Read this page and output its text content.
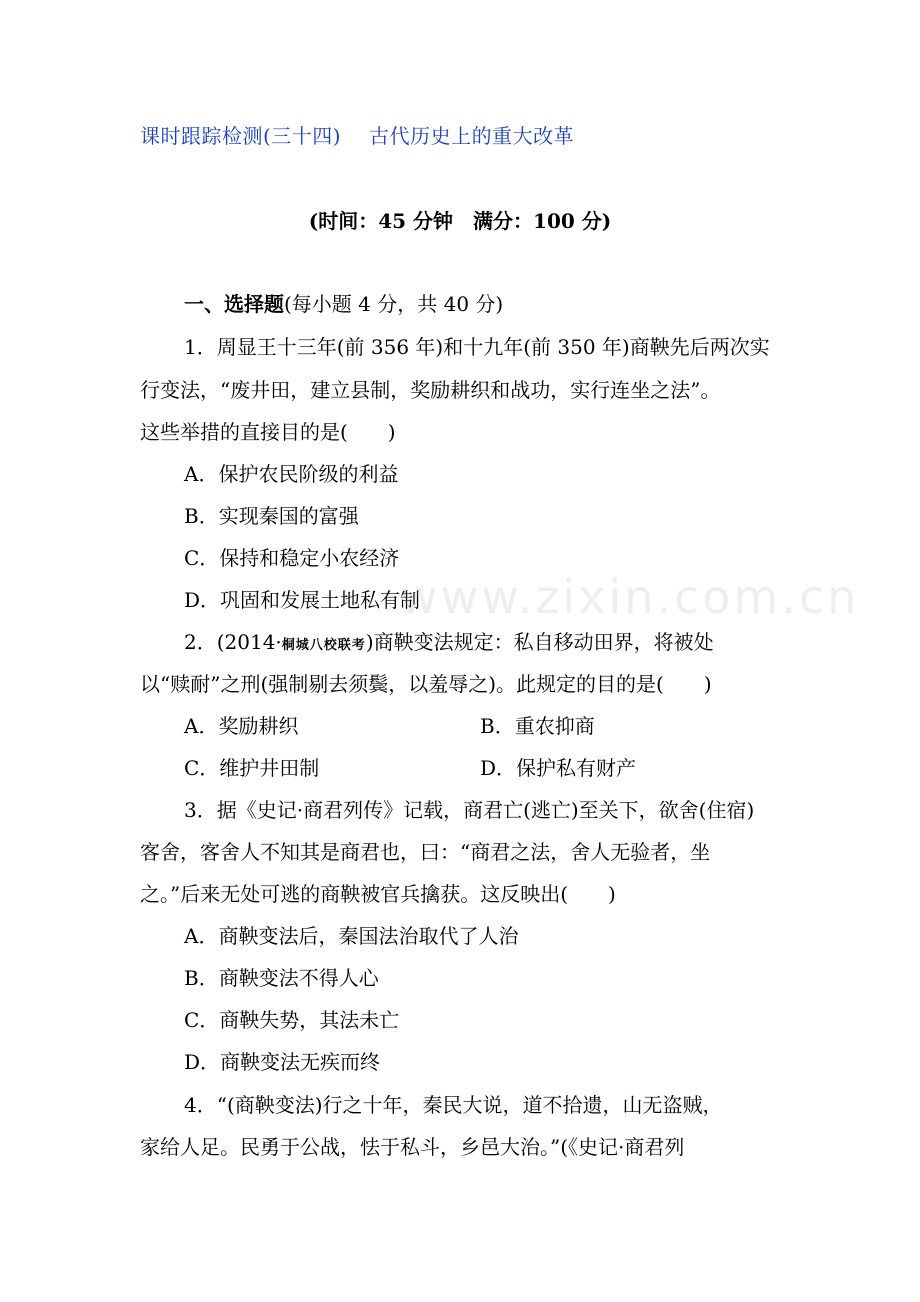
课时跟踪检测(三十四) 古代历史上的重大改革
(时间：45 分钟 满分：100 分)
一、选择题(每小题 4 分，共 40 分)
1．周显王十三年(前 356 年)和十九年(前 350 年)商鞅先后两次实
行变法，“废井田，建立县制，奖励耕织和战功，实行连坐之法”。
这些举措的直接目的是(　　)
A．保护农民阶级的利益
B．实现秦国的富强
C．保持和稳定小农经济
D．巩固和发展土地私有制
www.zixin.com.cn
2．(2014·桐城八校联考)商鞅变法规定：私自移动田界，将被处
以“赎耐”之刑(强制剔去须鬓，以羞辱之)。此规定的目的是(　　)
A．奖励耕织	B．重农抑商
C．维护井田制	D．保护私有财产
3．据《史记·商君列传》记载，商君亡(逃亡)至关下，欲舍(住宿)
客舍，客舍人不知其是商君也，曰：“商君之法，舍人无验者，坐
之。”后来无处可逃的商鞅被官兵擒获。这反映出(　　)
A．商鞅变法后，秦国法治取代了人治
B．商鞅变法不得人心
C．商鞅失势，其法未亡
D．商鞅变法无疾而终
4．“(商鞅变法)行之十年，秦民大说，道不拾遗，山无盗贼，
家给人足。民勇于公战，怯于私斗，乡邑大治。”(《史记·商君列
